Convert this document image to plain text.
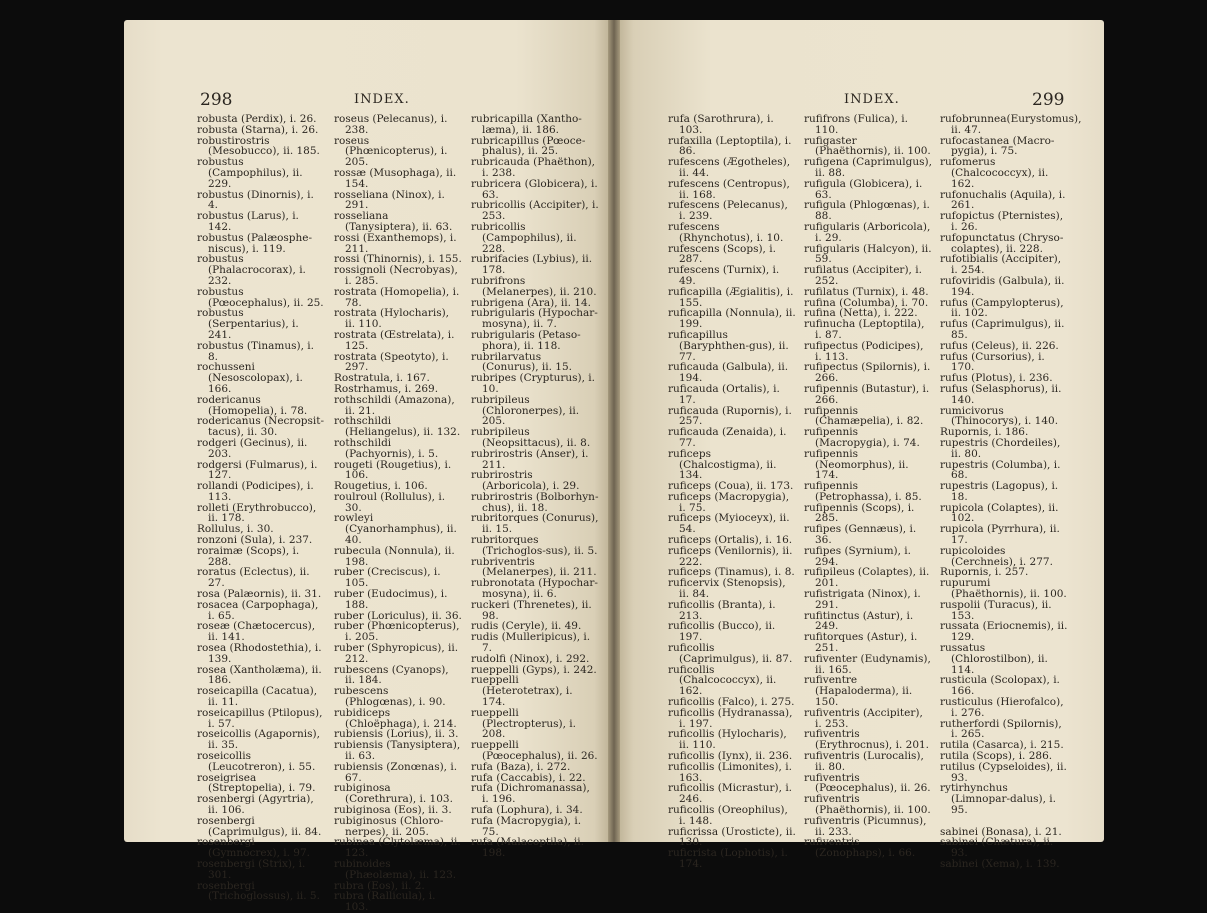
298	INDEX.
robusta (Perdix), i. 26.
robusta (Starna), i. 26.
robustirostris (Mesobucco), ii. 185.
robustus (Campophilus), ii. 229.
robustus (Dinornis), i. 4.
robustus (Larus), i. 142.
robustus (Palæosphe-niscus), i. 119.
robustus (Phalacrocorax), i. 232.
robustus (Pœocephalus), ii. 25.
robustus (Serpentarius), i. 241.
robustus (Tinamus), i. 8.
rochusseni (Nesoscolopax), i. 166.
rodericanus (Homopelia), i. 78.
rodericanus (Necropsit-tacus), ii. 30.
rodgeri (Gecinus), ii. 203.
rodgersi (Fulmarus), i. 127.
rollandi (Podicipes), i. 113.
rolleti (Erythrobucco), ii. 178.
Rollulus, i. 30.
ronzoni (Sula), i. 237.
roraimæ (Scops), i. 288.
roratus (Eclectus), ii. 27.
rosa (Palæornis), ii. 31.
rosacea (Carpophaga), i. 65.
roseæ (Chætocercus), ii. 141.
rosea (Rhodostethia), i. 139.
rosea (Xantholæma), ii. 186.
roseicapilla (Cacatua), ii. 11.
roseicapillus (Ptilopus), i. 57.
roseicollis (Agapornis), ii. 35.
roseicollis (Leucotreron), i. 55.
roseigrisea (Streptopelia), i. 79.
rosenbergi (Agyrtria), ii. 106.
rosenbergi (Caprimulgus), ii. 84.
rosenbergi (Gymnocrex), i. 97.
rosenbergi (Strix), i. 301.
rosenbergi (Trichoglossus), ii. 5.
roseus (Pelecanus), i. 238.
roseus (Phœnicopterus), i. 205.
rossæ (Musophaga), ii. 154.
rosseliana (Ninox), i. 291.
rosseliana (Tanysiptera), ii. 63.
rossi (Exanthemops), i. 211.
rossi (Thinornis), i. 155.
rossignoli (Necrobyas), i. 285.
rostrata (Homopelia), i. 78.
rostrata (Hylocharis), ii. 110.
rostrata (Œstrelata), i. 125.
rostrata (Speotyto), i. 297.
Rostratula, i. 167.
Rostrhamus, i. 269.
rothschildi (Amazona), ii. 21.
rothschildi (Heliangelus), ii. 132.
rothschildi (Pachyornis), i. 5.
rougeti (Rougetius), i. 106.
Rougetius, i. 106.
roulroul (Rollulus), i. 30.
rowleyi (Cyanorhamphus), ii. 40.
rubecula (Nonnula), ii. 198.
ruber (Creciscus), i. 105.
ruber (Eudocimus), i. 188.
ruber (Loriculus), ii. 36.
ruber (Phœnicopterus), i. 205.
ruber (Sphyropicus), ii. 212.
rubescens (Cyanops), ii. 184.
rubescens (Phlogœnas), i. 90.
rubidiceps (Chloëphaga), i. 214.
rubiensis (Lorius), ii. 3.
rubiensis (Tanysiptera), ii. 63.
rubiensis (Zonœnas), i. 67.
rubiginosa (Corethrura), i. 103.
rubiginosa (Eos), ii. 3.
rubiginosus (Chloro-nerpes), ii. 205.
rubinea (Clytolæma), ii. 123.
rubinoides (Phæolæma), ii. 123.
rubra (Eos), ii. 2.
rubra (Rallicula), i. 103.
rubricapilla (Xantho-læma), ii. 186.
rubricapillus (Pœoce-phalus), ii. 25.
rubricauda (Phaëthon), i. 238.
rubricera (Globicera), i. 63.
rubricollis (Accipiter), i. 253.
rubricollis (Campophilus), ii. 228.
rubrifacies (Lybius), ii. 178.
rubrifrons (Melanerpes), ii. 210.
rubrigena (Ara), ii. 14.
rubrigularis (Hypochar-mosyna), ii. 7.
rubrigularis (Petaso-phora), ii. 118.
rubrilarvatus (Conurus), ii. 15.
rubripes (Crypturus), i. 10.
rubripileus (Chloronerpes), ii. 205.
rubripileus (Neopsittacus), ii. 8.
rubrirostris (Anser), i. 211.
rubrirostris (Arboricola), i. 29.
rubrirostris (Bolborhyn-chus), ii. 18.
rubritorques (Conurus), ii. 15.
rubritorques (Trichoglos-sus), ii. 5.
rubriventris (Melanerpes), ii. 211.
rubronotata (Hypochar-mosyna), ii. 6.
ruckeri (Threnetes), ii. 98.
rudis (Ceryle), ii. 49.
rudis (Mulleripicus), i. 7.
rudolfi (Ninox), i. 292.
rueppelli (Gyps), i. 242.
rueppelli (Heterotetrax), i. 174.
rueppelli (Plectropterus), i. 208.
rueppelli (Pœocephalus), ii. 26.
rufa (Baza), i. 272.
rufa (Caccabis), i. 22.
rufa (Dichromanassa), i. 196.
rufa (Lophura), i. 34.
rufa (Macropygia), i. 75.
rufa (Malacoptila), ii. 198.
INDEX.	299
rufa (Sarothrura), i. 103.
rufaxilla (Leptoptila), i. 86.
rufescens (Ægotheles), ii. 44.
rufescens (Centropus), ii. 168.
rufescens (Pelecanus), i. 239.
rufescens (Rhynchotus), i. 10.
rufescens (Scops), i. 287.
rufescens (Turnix), i. 49.
ruficapilla (Ægialitis), i. 155.
ruficapilla (Nonnula), ii. 199.
ruficapillus (Baryphthen-gus), ii. 77.
ruficauda (Galbula), ii. 194.
ruficauda (Ortalis), i. 17.
ruficauda (Rupornis), i. 257.
ruficauda (Zenaida), i. 77.
ruficeps (Chalcostigma), ii. 134.
ruficeps (Coua), ii. 173.
ruficeps (Macropygia), i. 75.
ruficeps (Myioceyx), ii. 54.
ruficeps (Ortalis), i. 16.
ruficeps (Venilornis), ii. 222.
ruficeps (Tinamus), i. 8.
ruficervix (Stenopsis), ii. 84.
ruficollis (Branta), i. 213.
ruficollis (Bucco), ii. 197.
ruficollis (Caprimulgus), ii. 87.
ruficollis (Chalcococcyx), ii. 162.
ruficollis (Falco), i. 275.
ruficollis (Hydranassa), i. 197.
ruficollis (Hylocharis), ii. 110.
ruficollis (Iynx), ii. 236.
ruficollis (Limonites), i. 163.
ruficollis (Micrastur), i. 246.
ruficollis (Oreophilus), i. 148.
ruficrissa (Urosticte), ii. 130.
ruficrista (Lophotis), i. 174.
rufifrons (Fulica), i. 110.
rufigaster (Phaëthornis), ii. 100.
rufigena (Caprimulgus), ii. 88.
rufigula (Globicera), i. 63.
rufigula (Phlogœnas), i. 88.
rufigularis (Arboricola), i. 29.
rufigularis (Halcyon), ii. 59.
rufilatus (Accipiter), i. 252.
rufilatus (Turnix), i. 48.
rufina (Columba), i. 70.
rufina (Netta), i. 222.
rufinucha (Leptoptila), i. 87.
rufipectus (Podicipes), i. 113.
rufipectus (Spilornis), i. 266.
rufipennis (Butastur), i. 266.
rufipennis (Chamæpelia), i. 82.
rufipennis (Macropygia), i. 74.
rufipennis (Neomorphus), ii. 174.
rufipennis (Petrophassa), i. 85.
rufipennis (Scops), i. 285.
rufipes (Gennæus), i. 36.
rufipes (Syrnium), i. 294.
rufipileus (Colaptes), ii. 201.
rufistrigata (Ninox), i. 291.
rufitinctus (Astur), i. 249.
rufitorques (Astur), i. 251.
rufiventer (Eudynamis), ii. 165.
rufiventre (Hapaloderma), ii. 150.
rufiventris (Accipiter), i. 253.
rufiventris (Erythrocnus), i. 201.
rufiventris (Lurocalis), ii. 80.
rufiventris (Pœocephalus), ii. 26.
rufiventris (Phaëthornis), ii. 100.
rufiventris (Picumnus), ii. 233.
rufiventris (Zonophaps), i. 66.
rufobrunnea(Eurystomus), ii. 47.
rufocastanea (Macro-pygia), i. 75.
rufomerus (Chalcococcyx), ii. 162.
rufonuchalis (Aquila), i. 261.
rufopictus (Pternistes), i. 26.
rufopunctatus (Chryso-colaptes), ii. 228.
rufotibialis (Accipiter), i. 254.
rufoviridis (Galbula), ii. 194.
rufus (Campylopterus), ii. 102.
rufus (Caprimulgus), ii. 85.
rufus (Celeus), ii. 226.
rufus (Cursorius), i. 170.
rufus (Plotus), i. 236.
rufus (Selasphorus), ii. 140.
rumicivorus (Thinocorys), i. 140.
Rupornis, i. 186.
rupestris (Chordeiles), ii. 80.
rupestris (Columba), i. 68.
rupestris (Lagopus), i. 18.
rupicola (Colaptes), ii. 102.
rupicola (Pyrrhura), ii. 17.
rupicoloides (Cerchneis), i. 277.
Rupornis, i. 257.
rupurumi (Phaëthornis), ii. 100.
ruspolii (Turacus), ii. 153.
russata (Eriocnemis), ii. 129.
russatus (Chlorostilbon), ii. 114.
rusticula (Scolopax), i. 166.
rusticulus (Hierofalco), i. 276.
rutherfordi (Spilornis), i. 265.
rutila (Casarca), i. 215.
rutila (Scops), i. 286.
rutilus (Cypseloides), ii. 93.
rytirhynchus (Limnopar-dalus), i. 95.
sabinei (Bonasa), i. 21.
sabinei (Chætura), ii. 93.
sabinei (Xema), i. 139.
